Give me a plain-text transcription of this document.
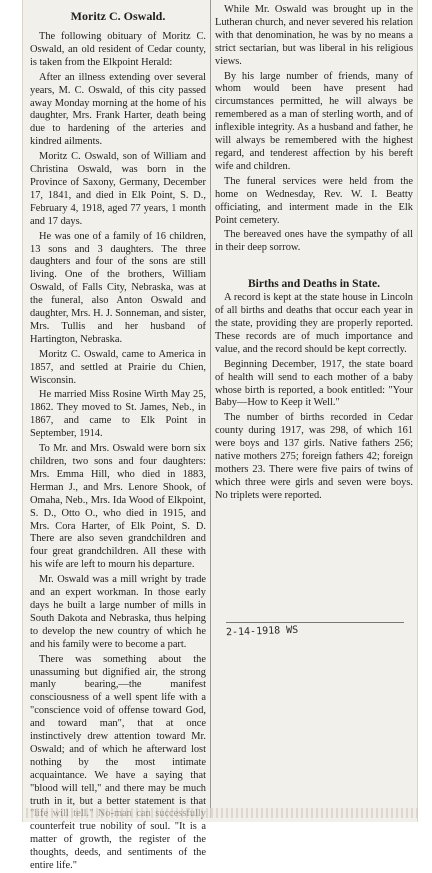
Moritz C. Oswald.

The following obituary of Moritz C. Oswald, an old resident of Cedar county, is taken from the Elkpoint Herald:

After an illness extending over several years, M. C. Oswald, of this city passed away Monday morning at the home of his daughter, Mrs. Frank Harter, death being due to hardening of the arteries and kindred ailments.

Moritz C. Oswald, son of William and Christina Oswald, was born in the Province of Saxony, Germany, December 17, 1841, and died in Elk Point, S. D., February 4, 1918, aged 77 years, 1 month and 17 days.

He was one of a family of 16 children, 13 sons and 3 daughters. The three daughters and four of the sons are still living. One of the brothers, William Oswald, of Falls City, Nebraska, was at the funeral, also Anton Oswald and daughter, Mrs. H. J. Sonneman, and sister, Mrs. Tullis and her husband of Hartington, Nebraska.

Moritz C. Oswald, came to America in 1857, and settled at Prairie du Chien, Wisconsin.

He married Miss Rosine Wirth May 25, 1862. They moved to St. James, Neb., in 1867, and came to Elk Point in September, 1914.

To Mr. and Mrs. Oswald were born six children, two sons and four daughters: Mrs. Emma Hill, who died in 1883, Herman J., and Mrs. Lenore Shook, of Omaha, Neb., Mrs. Ida Wood of Elkpoint, S. D., Otto O., who died in 1915, and Mrs. Cora Harter, of Elk Point, S. D. There are also seven grandchildren and four great grandchildren. All these with his wife are left to mourn his departure.

Mr. Oswald was a mill wright by trade and an expert workman. In those early days he built a large number of mills in South Dakota and Nebraska, thus helping to develop the new country of which he and his family were to become a part.

There was something about the unassuming but dignified air, the strong manly bearing,—the manifest consciousness of a well spent life with a "conscience void of offense toward God, and toward man", that at once instinctively drew attention toward Mr. Oswald; and of which he afterward lost nothing by the most intimate acquaintance. We have a saying that "blood will tell," and there may be much truth in it, but a better statement is that counterfeit true nobility of soul. "It is a matter of growth, the register of the thoughts, deeds, and sentiments of the entire life."

While Mr. Oswald was brought up in the Lutheran church, and never severed his relation with that denomination, he was by no means a strict sectarian, but was liberal in his religious views.

By his large number of friends, many of whom would been have present had circumstances permitted, he will always be remembered as a man of sterling worth, and of inflexible integrity. As a husband and father, he will always be remembered with the highest regard, and tenderest affection by his bereft wife and children.

The funeral services were held from the home on Wednesday, Rev. W. I. Beatty officiating, and interment made in the Elk Point cemetery.

The bereaved ones have the sympathy of all in their deep sorrow.

Births and Deaths in State.

A record is kept at the state house in Lincoln of all births and deaths that occur each year in the state, providing they are properly reported. These records are of much importance and value, and the record should be kept correctly.

Beginning December, 1917, the state board of health will send to each mother of a baby whose birth is reported, a book entitled: "Your Baby—How to Keep it Well."

The number of births recorded in Cedar county during 1917, was 298, of which 161 were boys and 137 girls. Native fathers 256; native mothers 275; foreign fathers 42; foreign mothers 23. There were five pairs of twins of which three were girls and seven were boys. No triplets were reported.

2-14-1918 WS
